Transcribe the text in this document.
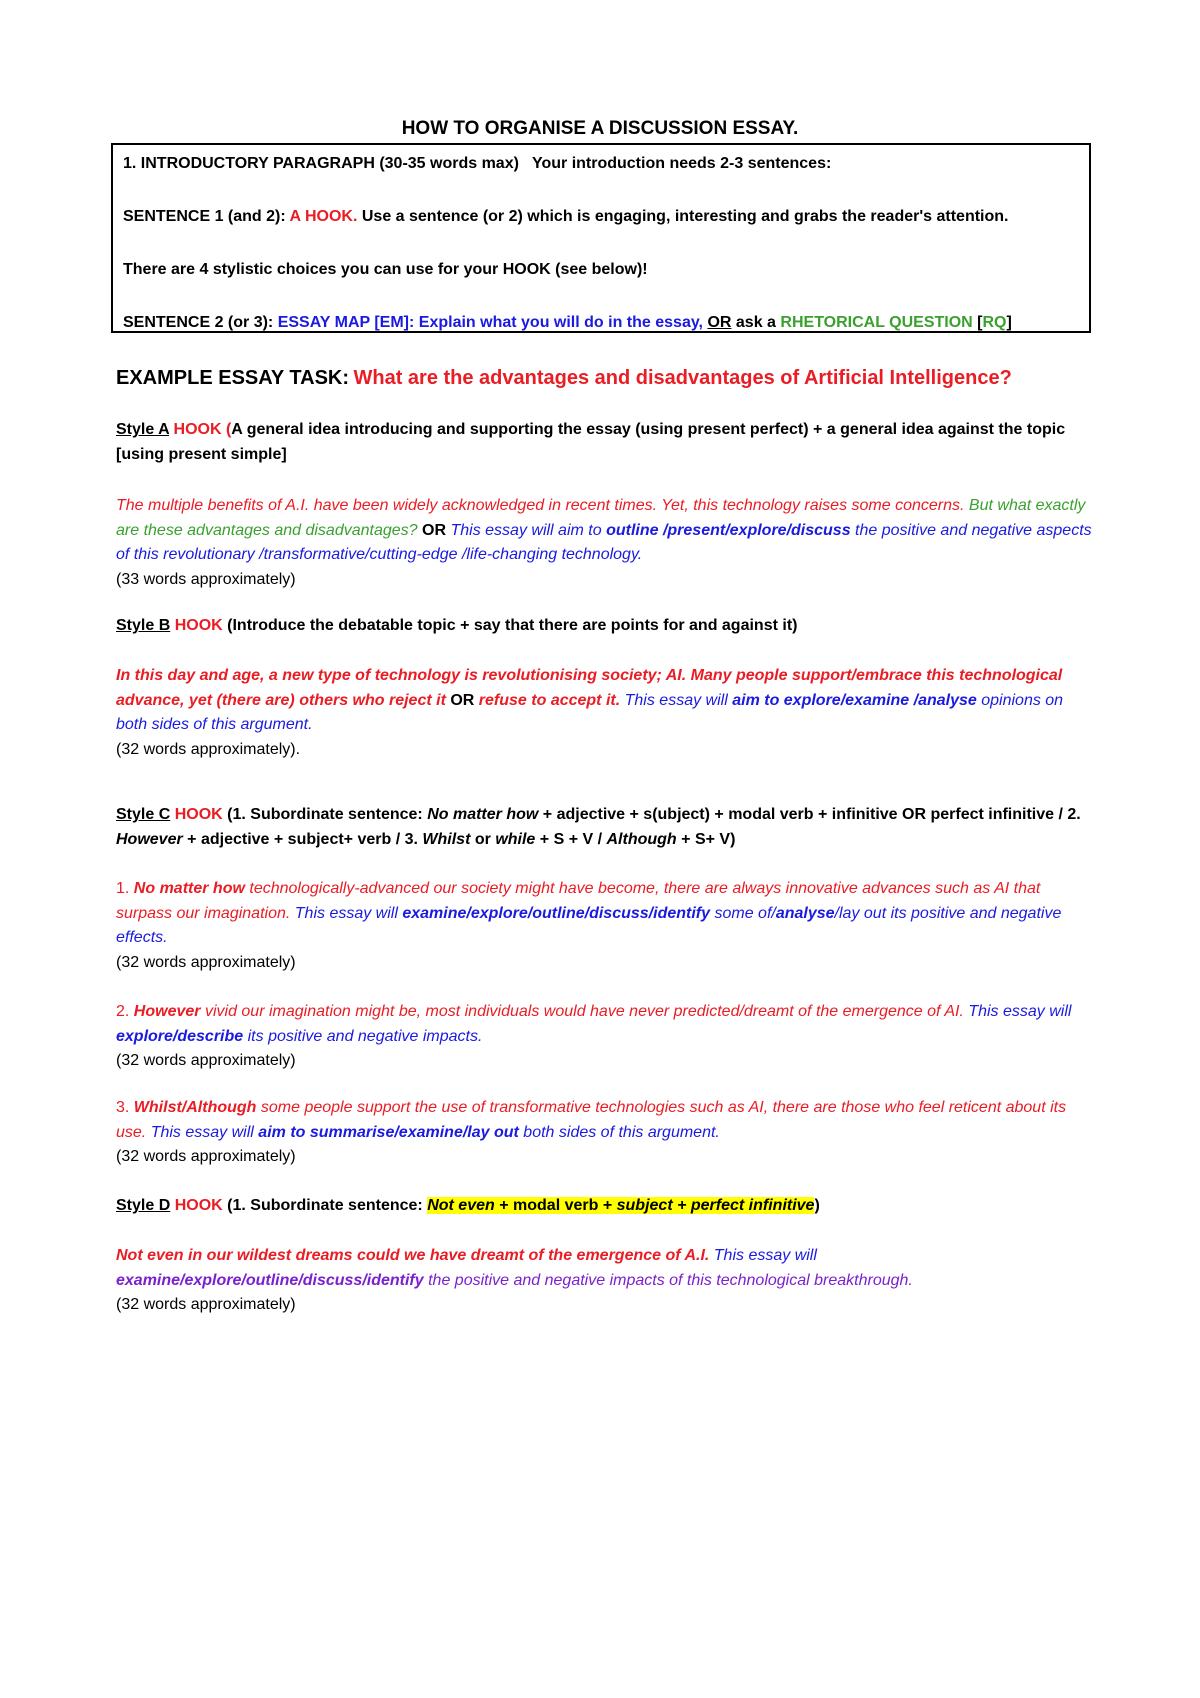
HOW TO ORGANISE A DISCUSSION ESSAY.
1. INTRODUCTORY PARAGRAPH (30-35 words max) Your introduction needs 2-3 sentences:
SENTENCE 1 (and 2): A HOOK. Use a sentence (or 2) which is engaging, interesting and grabs the reader's attention.
There are 4 stylistic choices you can use for your HOOK (see below)!
SENTENCE 2 (or 3): ESSAY MAP [EM]: Explain what you will do in the essay, OR ask a RHETORICAL QUESTION [RQ]
EXAMPLE ESSAY TASK: What are the advantages and disadvantages of Artificial Intelligence?
Style A HOOK (A general idea introducing and supporting the essay (using present perfect) + a general idea against the topic [using present simple]
The multiple benefits of A.I. have been widely acknowledged in recent times. Yet, this technology raises some concerns. But what exactly are these advantages and disadvantages? OR This essay will aim to outline /present/explore/discuss the positive and negative aspects of this revolutionary /transformative/cutting-edge /life-changing technology.
(33 words approximately)
Style B HOOK (Introduce the debatable topic + say that there are points for and against it)
In this day and age, a new type of technology is revolutionising society; AI. Many people support/embrace this technological advance, yet (there are) others who reject it OR refuse to accept it. This essay will aim to explore/examine /analyse opinions on both sides of this argument.
(32 words approximately).
Style C HOOK (1. Subordinate sentence: No matter how + adjective + s(ubject) + modal verb + infinitive OR perfect infinitive / 2. However + adjective + subject+ verb / 3. Whilst or while + S + V / Although + S+ V)
1. No matter how technologically-advanced our society might have become, there are always innovative advances such as AI that surpass our imagination. This essay will examine/explore/outline/discuss/identify some of/analyse/lay out its positive and negative effects.
(32 words approximately)
2. However vivid our imagination might be, most individuals would have never predicted/dreamt of the emergence of AI. This essay will explore/describe its positive and negative impacts.
(32 words approximately)
3. Whilst/Although some people support the use of transformative technologies such as AI, there are those who feel reticent about its use. This essay will aim to summarise/examine/lay out both sides of this argument.
(32 words approximately)
Style D HOOK (1. Subordinate sentence: Not even + modal verb + subject + perfect infinitive)
Not even in our wildest dreams could we have dreamt of the emergence of A.I. This essay will examine/explore/outline/discuss/identify the positive and negative impacts of this technological breakthrough.
(32 words approximately)
